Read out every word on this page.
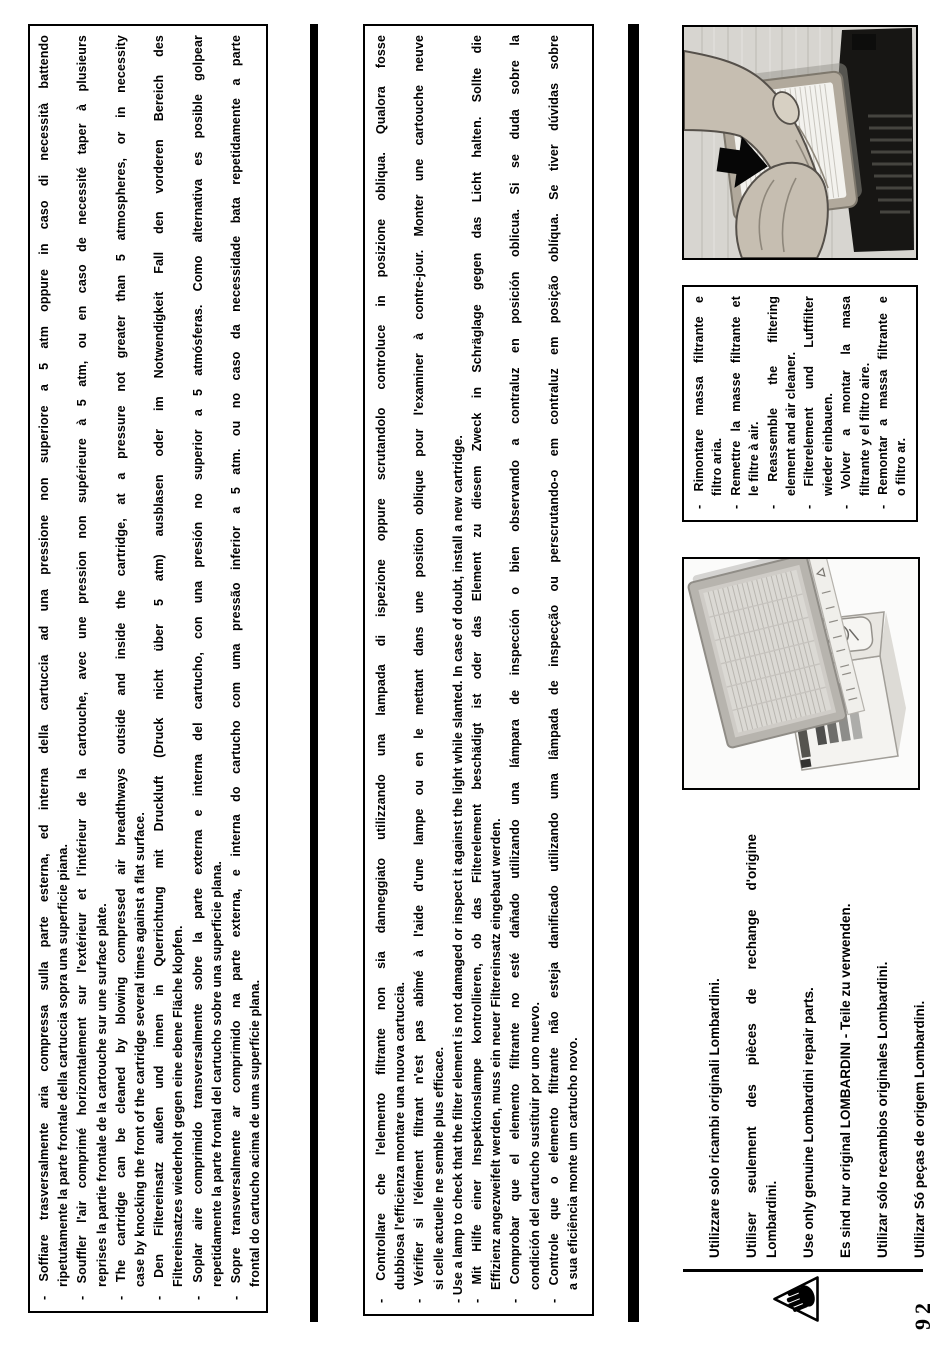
- Soffiare trasversalmente aria compressa sulla parte esterna, ed interna della cartuccia ad una pressione non superiore a 5 atm oppure in caso di necessità battendo ripetutamente la parte frontale della cartuccia sopra una superficie piana. - Souffler l'air comprimé horizontalement sur l'extérieur et l'intérieur de la cartouche, avec une pression non supérieure à 5 atm, ou en caso de necessité taper à plusieurs reprises la partie frontale de la cartouche sur une surface plate. - The cartridge can be cleaned by blowing compressed air breadthways outside and inside the cartridge, at a pressure not greater than 5 atmospheres, or in necessity case by knocking the front of the cartridge several times against a flat surface. - Den Filtereinsatz außen und innen in Querrichtung mit Druckluft (Druck nicht über 5 atm) ausblasen oder im Notwendigkeit Fall den vorderen Bereich des Filtereinsatzes wiederholt gegen eine ebene Fläche klopfen. - Soplar aire comprimido transversalmente sobre la parte externa e interna del cartucho, con una presión no superior a 5 atmósferas. Como alternativa es posible golpear repetidamente la parte frontal del cartucho sobre una superficie plana. - Sopre transversalmente ar comprimido na parte externa, e interna do cartucho com uma pressão inferior a 5 atm. ou no caso da necessidade bata repetidamente a parte frontal do cartucho acima de uma superfície plana.	- Controllare che l'elemento filtrante non sia danneggiato utilizzando una lampada di ispezione oppure scrutandolo controluce in posizione obliqua. Qualora fosse dubbiosa l'efficienza montare una nuova cartuccia. - Vérifier si l'élément filtrant n'est pas abîmé à l'aide d'une lampe ou en le mettant dans une position oblique pour l'examiner à contre-jour. Monter une cartouche neuve si celle actuelle ne semble plus efficace. - Use a lamp to check that the filter element is not damaged or inspect it against the light while slanted. In case of doubt, install a new cartridge. - Mit Hilfe einer Inspektionslampe kontrollieren, ob das Filterelement beschädigt ist oder das Element zu diesem Zweck in Schräglage gegen das Licht halten. Sollte die Effizienz angezweifelt werden, muss ein neuer Filtereinsatz eingebaut werden. - Comprobar que el elemento filtrante no esté dañado utilizando una lámpara de inspección o bien observando a contraluz en posición oblicua. Si se duda sobre la condición del cartucho sustituir por uno nuevo. - Controle que o elemento filtrante não esteja danificado utilizando uma lâmpada de inspecção ou perscrutando-o em contraluz em posição oblíqua. Se tiver dúvidas sobre a sua eficiência monte um cartucho novo.	Utilizzare solo ricambi originali Lombardini. Utiliser seulement des pièces de rechange d'origine Lombardini. Use only genuine Lombardini repair parts. Es sind nur original LOMBARDINI - Teile zu verwenden. Utilizar sólo recambios originales Lombardini. Utilizar Só peças de origem Lombardini.
- Rimontare massa filtrante e filtro aria. - Remettre la masse filtrante et le filtre à air. - Reassemble the filtering element and air cleaner. - Filterelement und Luftfilter wieder einbauen. - Volver a montar la masa filtrante y el filtro aire. - Remontar a massa filtrante e o filtro ar.
92
